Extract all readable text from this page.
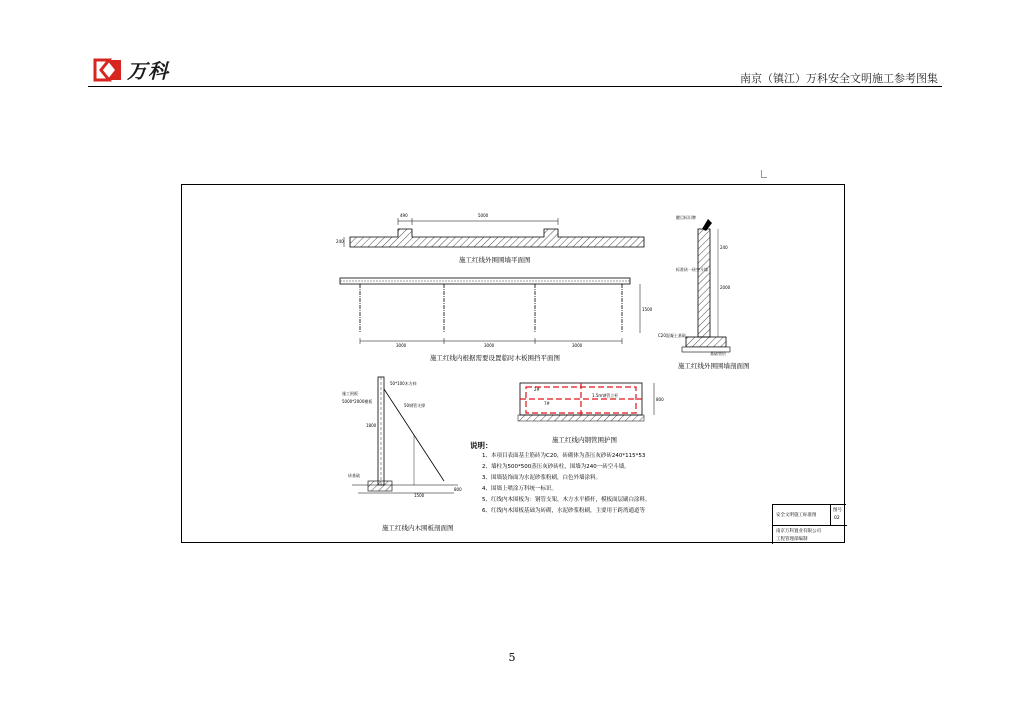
万科	南京（镇江）万科安全文明施工参考图集
490	5000
240
施工红线外围围墙平面图
3000	3000	3000
1500
施工红线内根据需要设置临时木板围挡平面图
醒目标识牌
240
标准砖一砖空斗墙
2000
C20混凝土基础
基础垫层
施工红线外围围墙剖面图
50*100木方料
施工围板
5000*2000模板
1800
50钢管支撑
砖基础
1500
800
施工红线内木围板剖面图
2#
7#
1.5m钢管立杆
800
施工红线内钢管围护图
说明：
1、本项目表面基主筋砖为C20，砖砌体为蒸压灰砂砖240*115*53
2、墙柱为500*500蒸压灰砂砖柱，围墙为240一砖空斗墙。
3、围墙装饰面为水泥砂浆粉刷，白色外墙涂料。
4、围墙上喷涂万科统一标识。
5、红线内木围板为：钢管支架，木方水平横杆，模板面层刷白涂料。
6、红线内木围板基础为砖砌，水泥砂浆粉刷，主要用于跨湾通道等
安全文明施工标准图
图号
02
南京万科置业有限公司
工程管理部编制
5
